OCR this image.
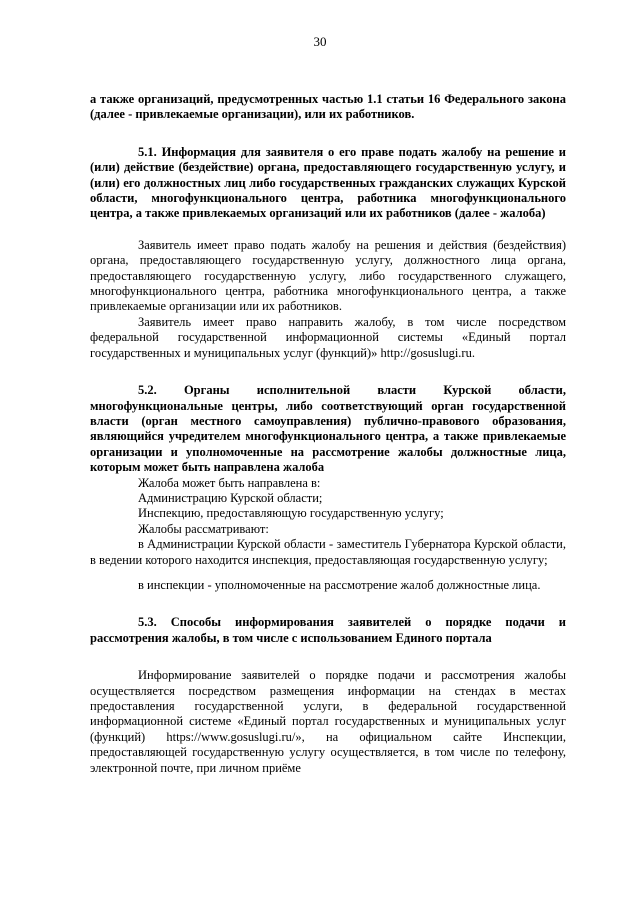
30

а также организаций, предусмотренных частью 1.1 статьи 16 Федерального закона (далее - привлекаемые организации), или их работников.

5.1. Информация для заявителя о его праве подать жалобу на решение и (или) действие (бездействие) органа, предоставляющего государственную услугу, и (или) его должностных лиц либо государственных гражданских служащих Курской области, многофункционального центра, работника многофункционального центра, а также привлекаемых организаций или их работников (далее - жалоба)

Заявитель имеет право подать жалобу на решения и действия (бездействия) органа, предоставляющего государственную услугу, должностного лица органа, предоставляющего государственную услугу, либо государственного служащего, многофункционального центра, работника многофункционального центра, а также привлекаемые организации или их работников.

Заявитель имеет право направить жалобу, в том числе посредством федеральной государственной информационной системы «Единый портал государственных и муниципальных услуг (функций)» http://gosuslugi.ru.

5.2. Органы исполнительной власти Курской области, многофункциональные центры, либо соответствующий орган государственной власти (орган местного самоуправления) публично-правового образования, являющийся учредителем многофункционального центра, а также привлекаемые организации и уполномоченные на рассмотрение жалобы должностные лица, которым может быть направлена жалоба

Жалоба может быть направлена в:

Администрацию Курской области;

Инспекцию, предоставляющую государственную услугу;

Жалобы рассматривают:

в Администрации Курской области - заместитель Губернатора Курской области, в ведении которого находится инспекция, предоставляющая государственную услугу;

в инспекции - уполномоченные на рассмотрение жалоб должностные лица.

5.3. Способы информирования заявителей о порядке подачи и рассмотрения жалобы, в том числе с использованием Единого портала

Информирование заявителей о порядке подачи и рассмотрения жалобы осуществляется посредством размещения информации на стендах в местах предоставления государственной услуги, в федеральной государственной информационной системе «Единый портал государственных и муниципальных услуг (функций) https://www.gosuslugi.ru/», на официальном сайте Инспекции, предоставляющей государственную услугу осуществляется, в том числе по телефону, электронной почте, при личном приёме
